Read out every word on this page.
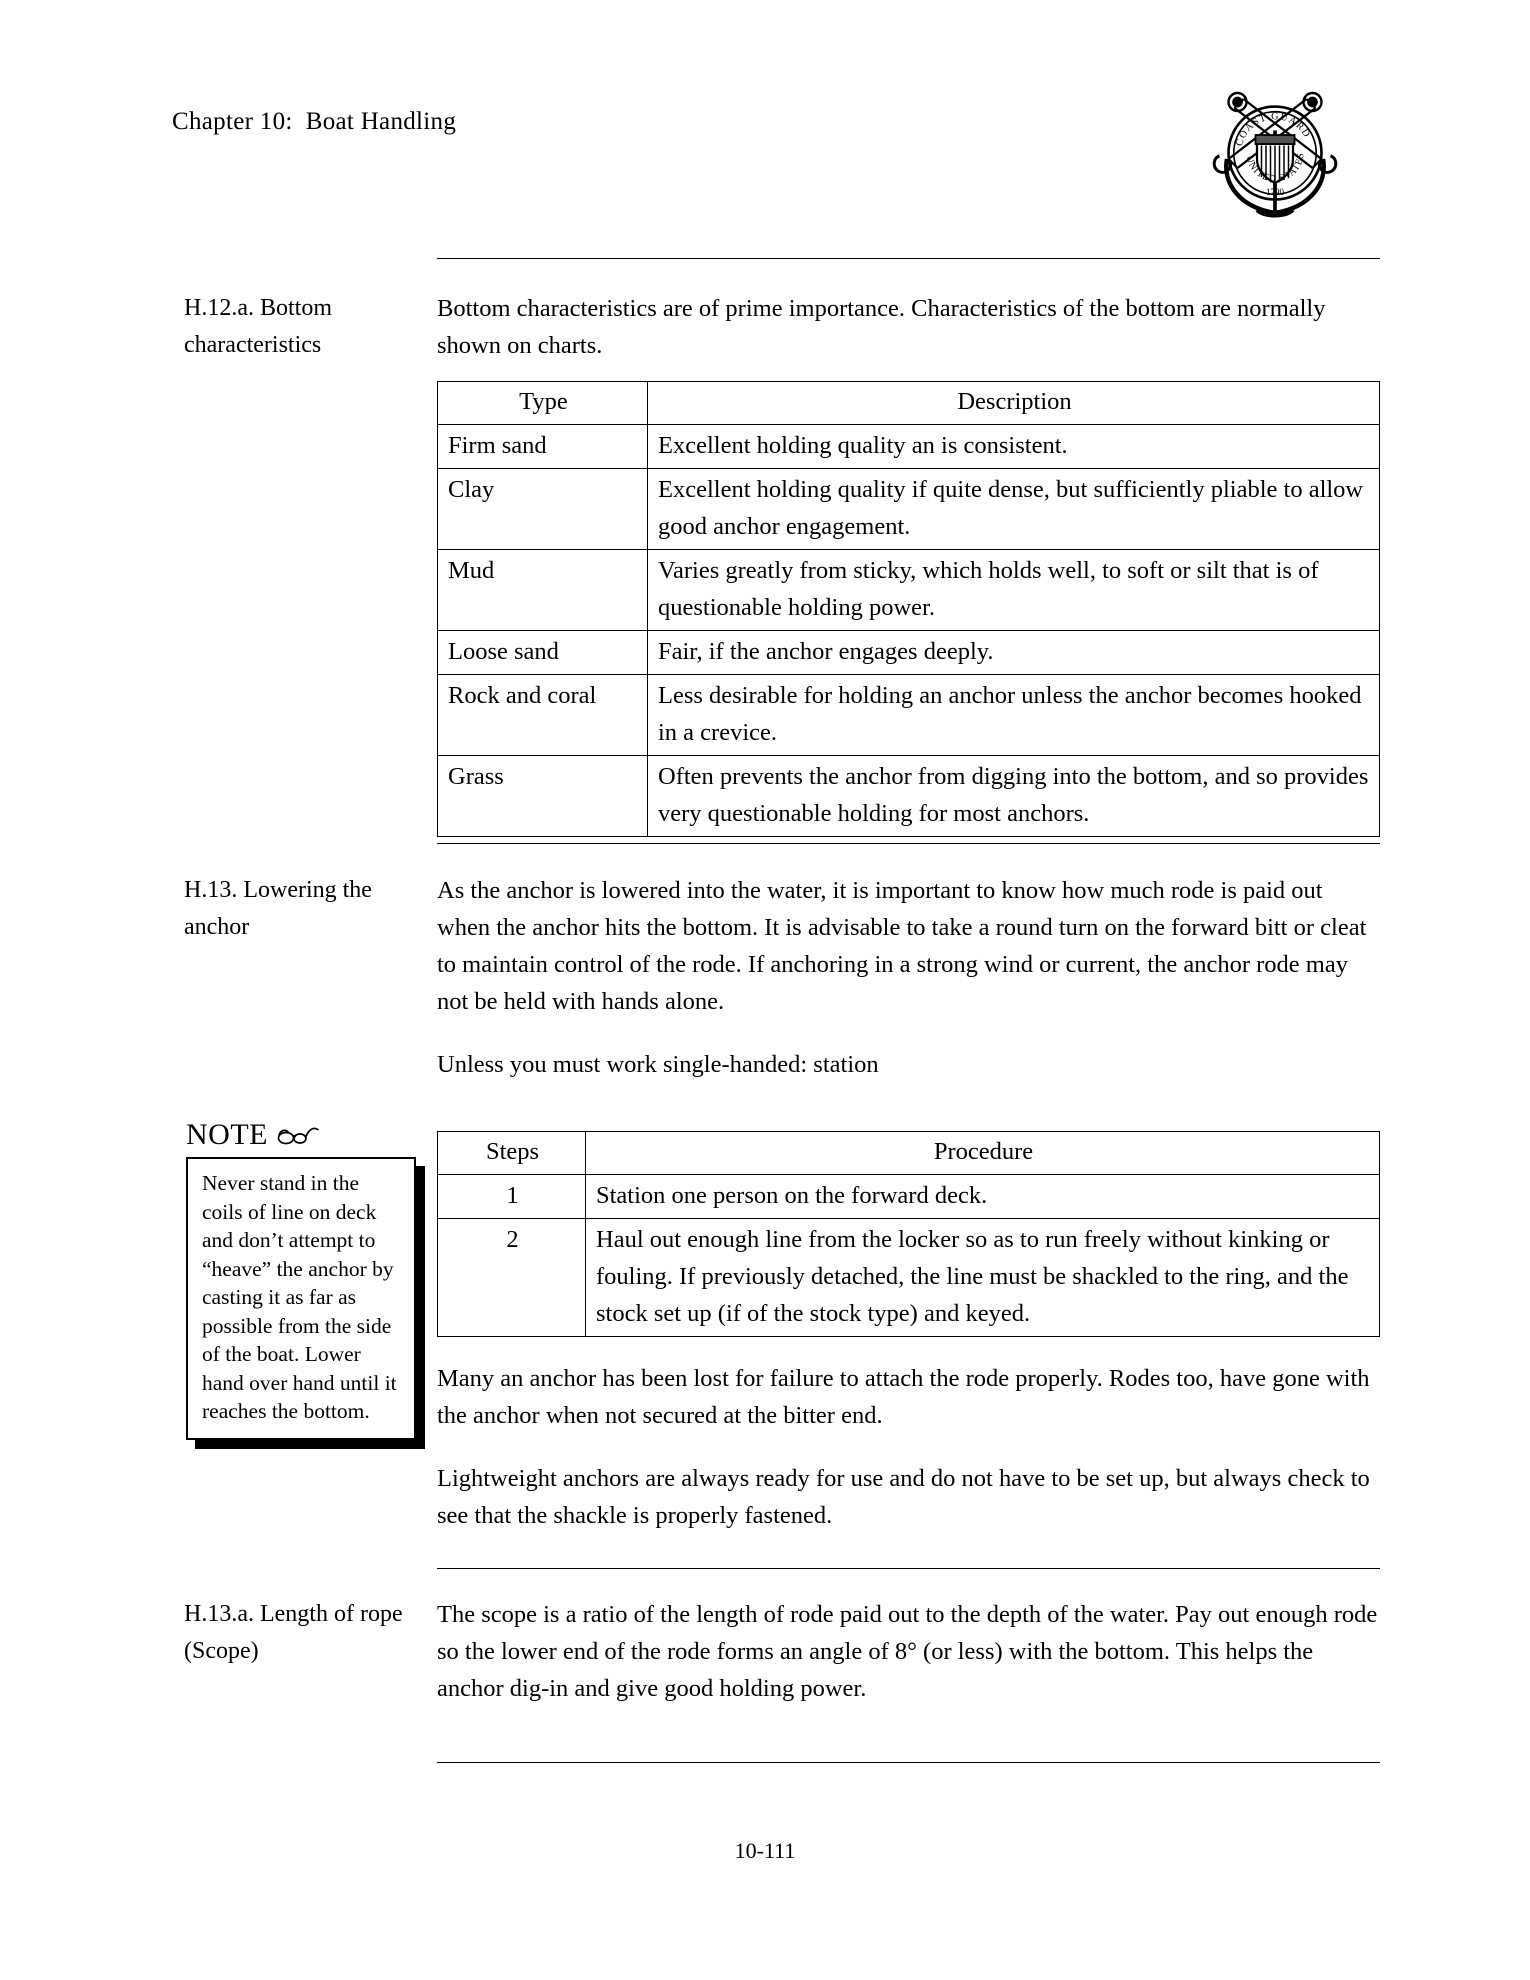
Chapter 10:  Boat Handling
COAST GUARD
UNITED STATES
1790
H.12.a. Bottom characteristics

Bottom characteristics are of prime importance. Characteristics of the bottom are normally shown on charts.

Type	Description
Firm sand	Excellent holding quality an is consistent.
Clay	Excellent holding quality if quite dense, but sufficiently pliable to allow good anchor engagement.
Mud	Varies greatly from sticky, which holds well, to soft or silt that is of questionable holding power.
Loose sand	Fair, if the anchor engages deeply.
Rock and coral	Less desirable for holding an anchor unless the anchor becomes hooked in a crevice.
Grass	Often prevents the anchor from digging into the bottom, and so provides very questionable holding for most anchors.
H.13. Lowering the anchor

As the anchor is lowered into the water, it is important to know how much rode is paid out when the anchor hits the bottom. It is advisable to take a round turn on the forward bitt or cleat to maintain control of the rode. If anchoring in a strong wind or current, the anchor rode may not be held with hands alone.

Unless you must work single-handed: station

NOTE
Never stand in the coils of line on deck and don’t attempt to “heave” the anchor by casting it as far as possible from the side of the boat. Lower hand over hand until it reaches the bottom.
Steps	Procedure
1	Station one person on the forward deck.
2	Haul out enough line from the locker so as to run freely without kinking or fouling. If previously detached, the line must be shackled to the ring, and the stock set up (if of the stock type) and keyed.

Many an anchor has been lost for failure to attach the rode properly. Rodes too, have gone with the anchor when not secured at the bitter end.

Lightweight anchors are always ready for use and do not have to be set up, but always check to see that the shackle is properly fastened.

H.13.a. Length of rope (Scope)

The scope is a ratio of the length of rode paid out to the depth of the water. Pay out enough rode so the lower end of the rode forms an angle of 8° (or less) with the bottom. This helps the anchor dig-in and give good holding power.

10-111
